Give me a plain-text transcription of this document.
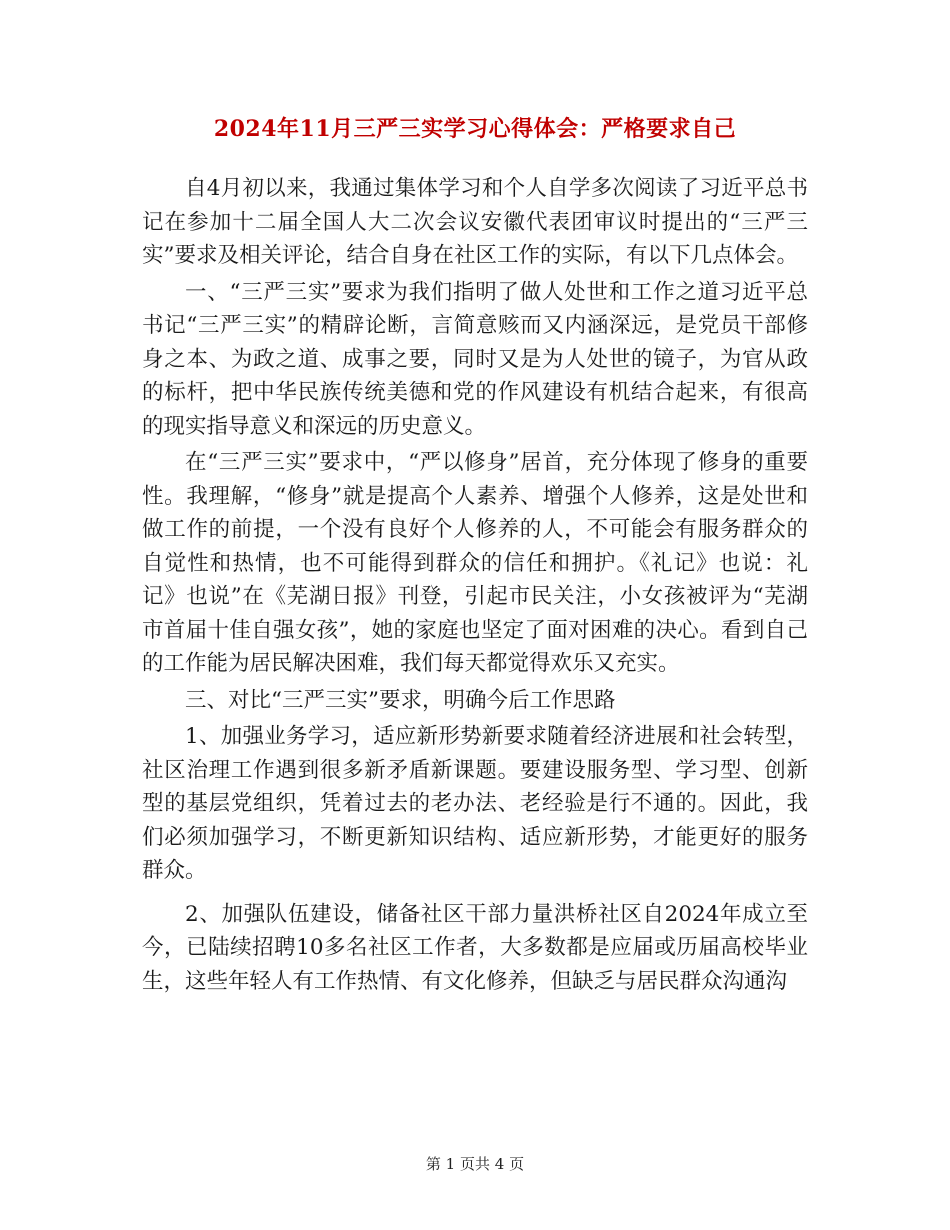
2024年11月三严三实学习心得体会：严格要求自己

自4月初以来，我通过集体学习和个人自学多次阅读了习近平总书记在参加十二届全国人大二次会议安徽代表团审议时提出的“三严三实”要求及相关评论，结合自身在社区工作的实际，有以下几点体会。

一、“三严三实”要求为我们指明了做人处世和工作之道习近平总书记“三严三实”的精辟论断，言简意赅而又内涵深远，是党员干部修身之本、为政之道、成事之要，同时又是为人处世的镜子，为官从政的标杆，把中华民族传统美德和党的作风建设有机结合起来，有很高的现实指导意义和深远的历史意义。

在“三严三实”要求中，“严以修身”居首，充分体现了修身的重要性。我理解，“修身”就是提高个人素养、增强个人修养，这是处世和做工作的前提，一个没有良好个人修养的人，不可能会有服务群众的自觉性和热情，也不可能得到群众的信任和拥护。《礼记》也说：礼记》也说”在《芜湖日报》刊登，引起市民关注，小女孩被评为“芜湖市首届十佳自强女孩”，她的家庭也坚定了面对困难的决心。看到自己的工作能为居民解决困难，我们每天都觉得欢乐又充实。

三、对比“三严三实”要求，明确今后工作思路

1、加强业务学习，适应新形势新要求随着经济进展和社会转型，社区治理工作遇到很多新矛盾新课题。要建设服务型、学习型、创新型的基层党组织，凭着过去的老办法、老经验是行不通的。因此，我们必须加强学习，不断更新知识结构、适应新形势，才能更好的服务群众。

2、加强队伍建设，储备社区干部力量洪桥社区自2024年成立至今，已陆续招聘10多名社区工作者，大多数都是应届或历届高校毕业生，这些年轻人有工作热情、有文化修养，但缺乏与居民群众沟通沟

第 1 页共 4 页
